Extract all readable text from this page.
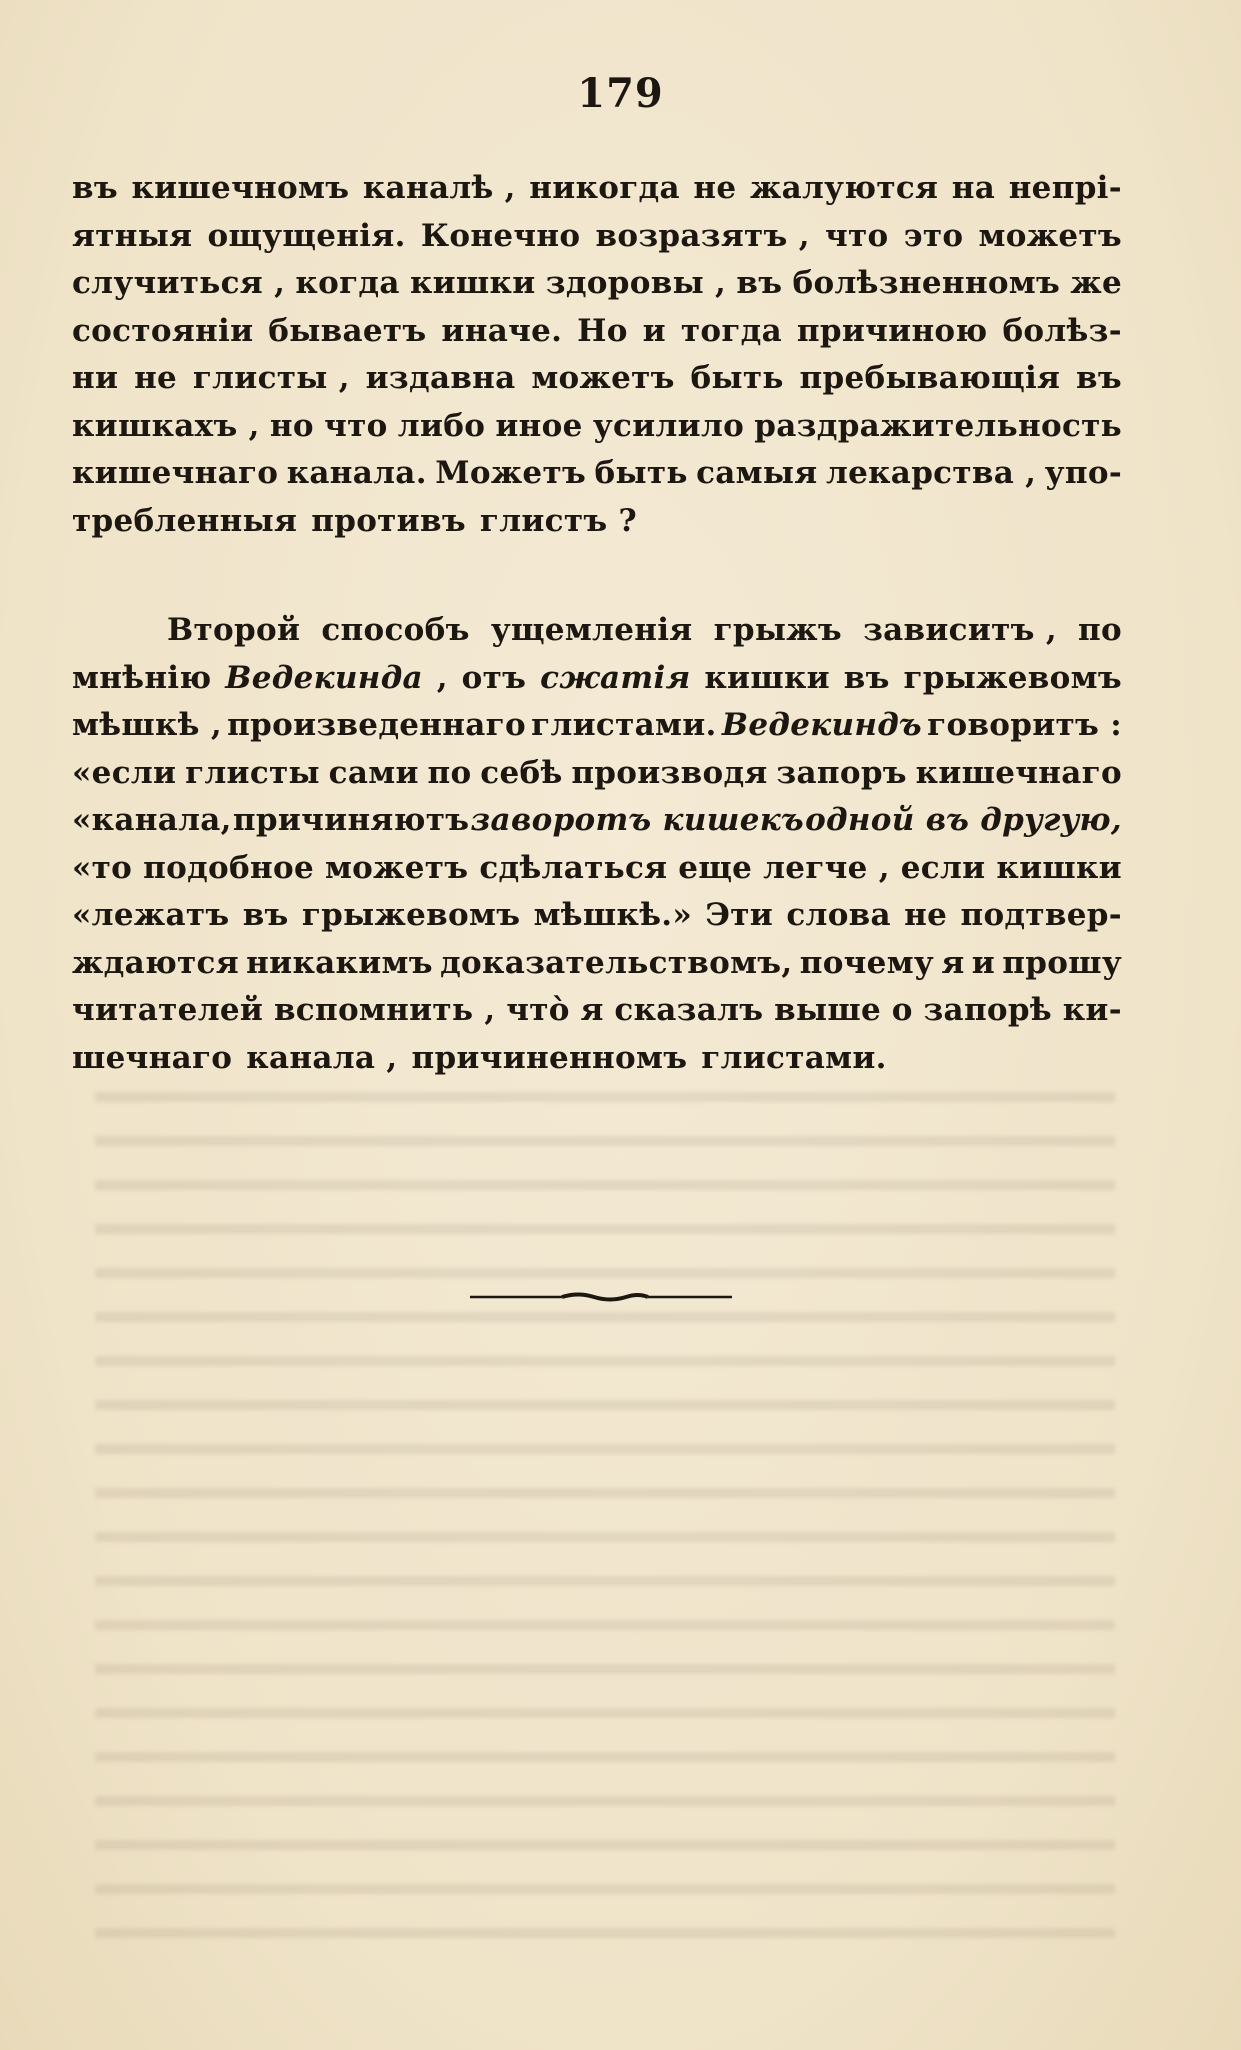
179
въ кишечномъ каналѣ , никогда не жалуются на непрі-
ятныя ощущенія. Конечно возразятъ , что это можетъ
случиться , когда кишки здоровы , въ болѣзненномъ же
состояніи бываетъ иначе. Но и тогда причиною болѣз-
ни не глисты , издавна можетъ быть пребывающія въ
кишкахъ , но что либо иное усилило раздражительность
кишечнаго канала. Можетъ быть самыя лекарства , упо-
требленныя противъ глистъ ?
Второй способъ ущемленія грыжъ зависитъ , по
мнѣнію Ведекинда , отъ сжатія кишки въ грыжевомъ
мѣшкѣ , произведеннаго глистами. Ведекиндъ говоритъ :
«если глисты сами по себѣ производя запоръ кишечнаго
«канала, причиняютъ заворотъ кишекъ одной въ другую,
«то подобное можетъ сдѣлаться еще легче , если кишки
«лежатъ въ грыжевомъ мѣшкѣ.» Эти слова не подтвер-
ждаются никакимъ доказательствомъ, почему я и прошу
читателей вспомнить , что̀ я сказалъ выше о запорѣ ки-
шечнаго канала , причиненномъ глистами.
